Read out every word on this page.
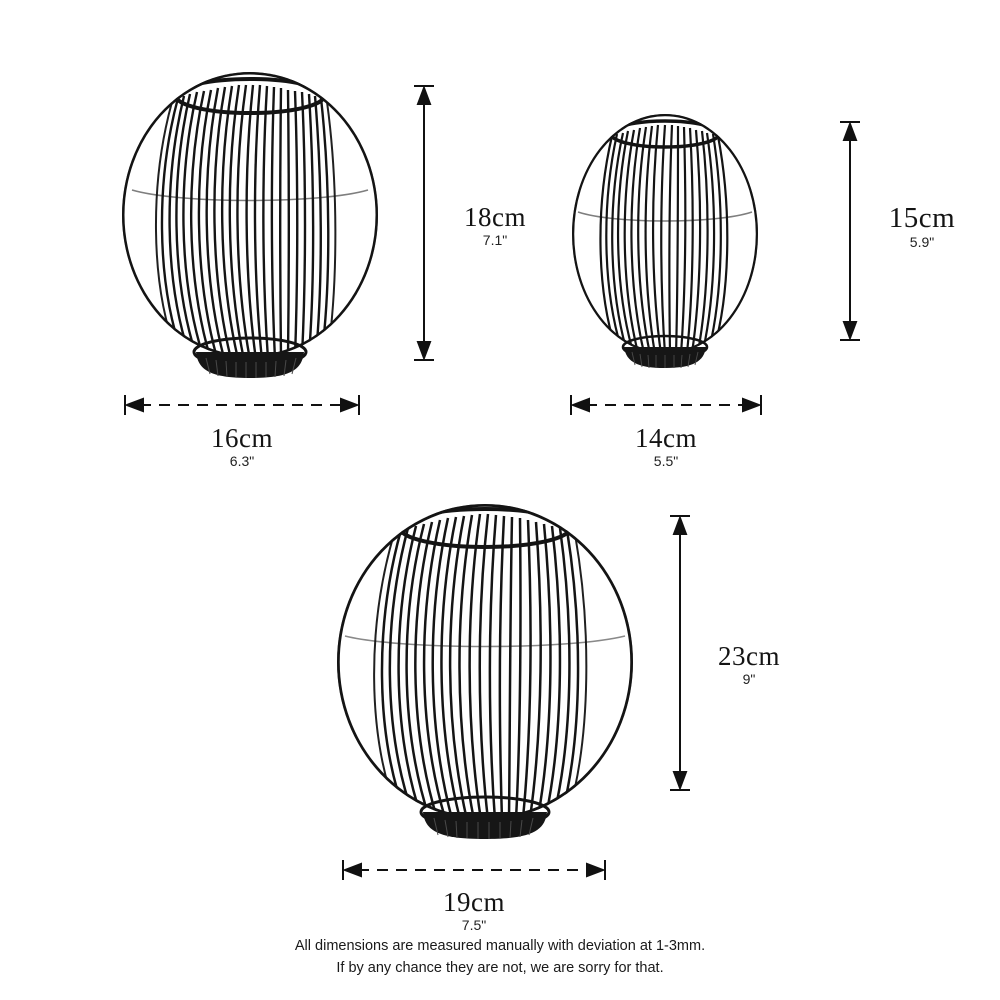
18cm
7.1"
16cm
6.3"
15cm
5.9"
14cm
5.5"
23cm
9"
19cm
7.5"
All dimensions are measured manually with deviation at 1-3mm.
If by any chance they are not, we are sorry for that.
